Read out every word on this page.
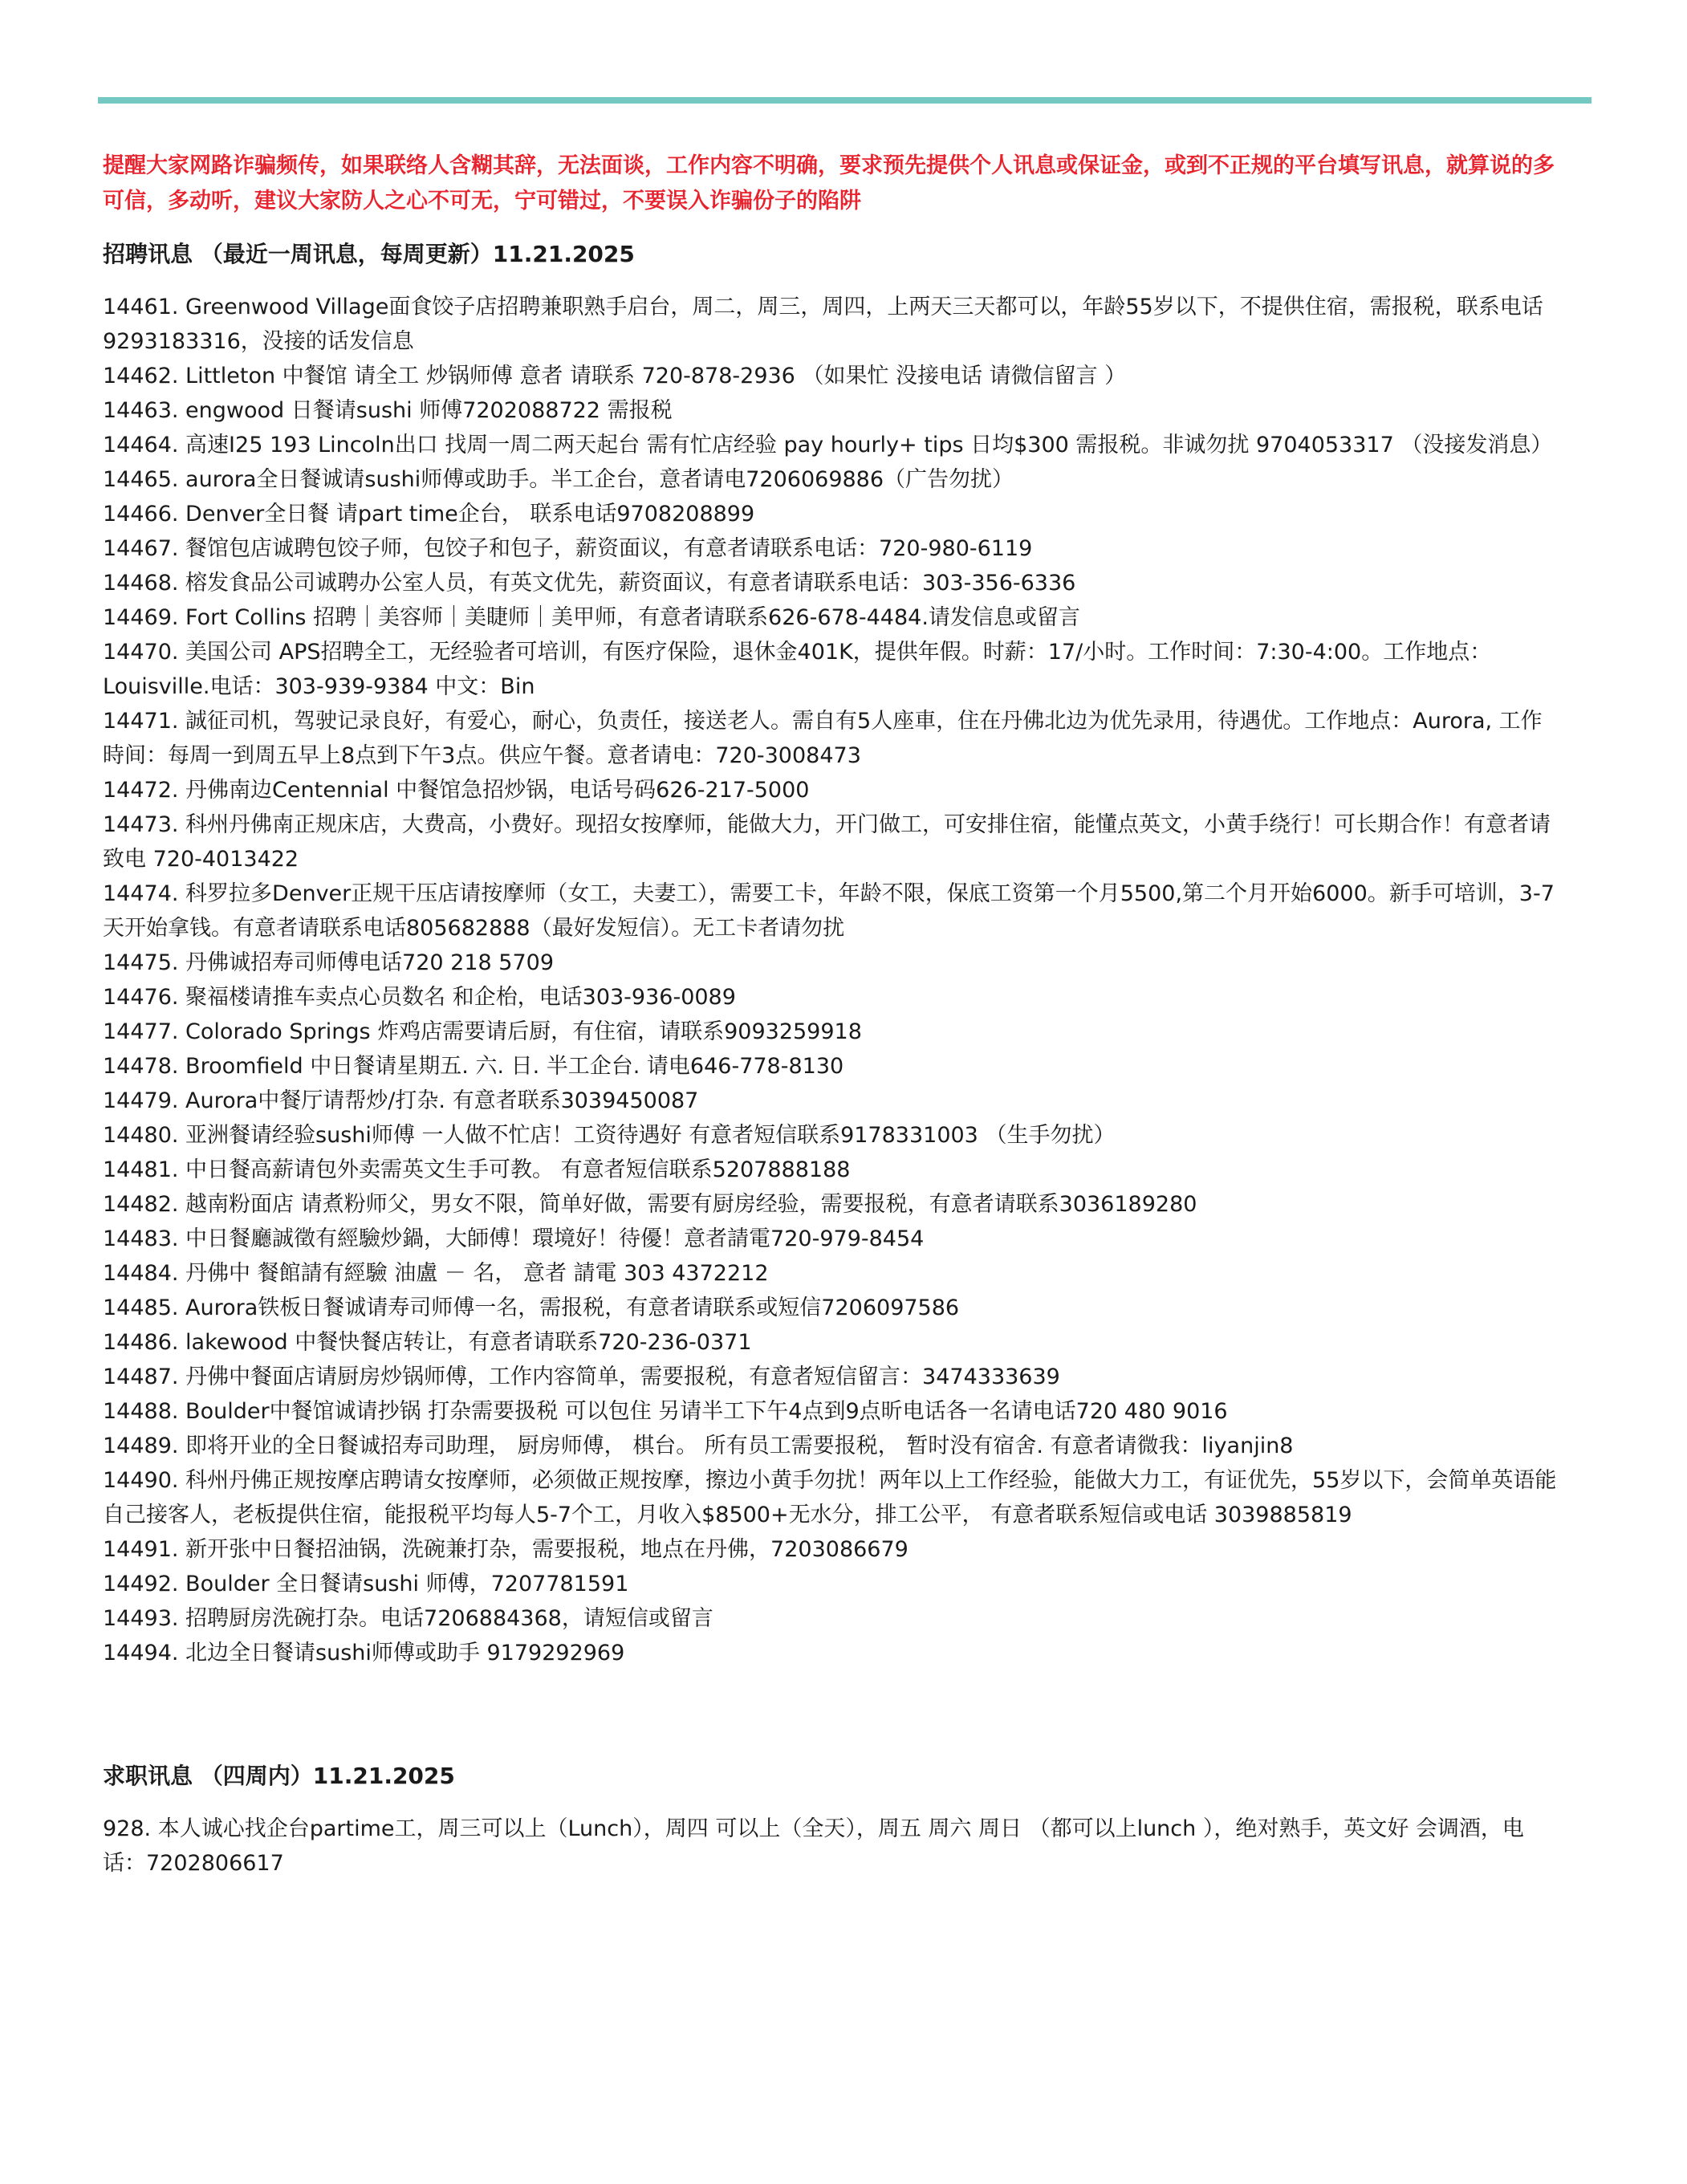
提醒大家网路诈骗频传，如果联络人含糊其辞，无法面谈，工作内容不明确，要求预先提供个人讯息或保证金，或到不正规的平台填写讯息，就算说的多可信，多动听，建议大家防人之心不可无，宁可错过，不要误入诈骗份子的陷阱

招聘讯息 （最近一周讯息，每周更新）11.21.2025
14461. Greenwood Village面食饺子店招聘兼职熟手启台，周二，周三，周四，上两天三天都可以，年龄55岁以下，不提供住宿，需报税，联系电话9293183316，没接的话发信息
14462. Littleton 中餐馆 请全工 炒锅师傅 意者 请联系 720-878-2936 （如果忙 没接电话 请微信留言 ）
14463. engwood 日餐请sushi 师傅7202088722 需报税
14464. 高速I25 193 Lincoln出口 找周一周二两天起台 需有忙店经验 pay hourly+ tips 日均$300 需报税。非诚勿扰 9704053317 （没接发消息）
14465. aurora全日餐诚请sushi师傅或助手。半工企台，意者请电7206069886（广告勿扰）
14466. Denver全日餐 请part time企台， 联系电话9708208899
14467. 餐馆包店诚聘包饺子师，包饺子和包子，薪资面议，有意者请联系电话：720-980-6119
14468. 榕发食品公司诚聘办公室人员，有英文优先，薪资面议，有意者请联系电话：303-356-6336
14469. Fort Collins 招聘｜美容师｜美睫师｜美甲师，有意者请联系626-678-4484.请发信息或留言
14470. 美国公司 APS招聘全工，无经验者可培训，有医疗保险，退休金401K，提供年假。时薪：17/小时。工作时间：7:30-4:00。工作地点：Louisville.电话：303-939-9384 中文：Bin
14471. 誠征司机，驾驶记录良好，有爱心，耐心，负责任，接送老人。需自有5人座車，住在丹佛北边为优先录用，待遇优。工作地点：Aurora, 工作時间：每周一到周五早上8点到下午3点。供应午餐。意者请电：720-3008473
14472. 丹佛南边Centennial 中餐馆急招炒锅，电话号码626-217-5000
14473. 科州丹佛南正规床店，大费高，小费好。现招女按摩师，能做大力，开门做工，可安排住宿，能懂点英文，小黄手绕行！可长期合作！有意者请致电 720-4013422
14474. 科罗拉多Denver正规干压店请按摩师（女工，夫妻工），需要工卡，年龄不限，保底工资第一个月5500,第二个月开始6000。新手可培训，3-7天开始拿钱。有意者请联系电话805682888（最好发短信）。无工卡者请勿扰
14475. 丹佛诚招寿司师傅电话720 218 5709
14476. 聚福楼请推车卖点心员数名 和企枱，电话303-936-0089
14477. Colorado Springs 炸鸡店需要请后厨，有住宿，请联系9093259918
14478. Broomfield 中日餐请星期五. 六. 日. 半工企台. 请电646-778-8130
14479. Aurora中餐厅请帮炒/打杂. 有意者联系3039450087
14480. 亚洲餐请经验sushi师傅 一人做不忙店！工资待遇好 有意者短信联系9178331003 （生手勿扰）
14481. 中日餐高薪请包外卖需英文生手可教。 有意者短信联系5207888188
14482. 越南粉面店 请煮粉师父，男女不限，简单好做，需要有厨房经验，需要报税，有意者请联系3036189280
14483. 中日餐廳誠徵有經驗炒鍋，大師傅！環境好！待優！意者請電720-979-8454
14484. 丹佛中 餐館請有經驗 油盧 － 名， 意者 請電 303 4372212
14485. Aurora铁板日餐诚请寿司师傅一名，需报税，有意者请联系或短信7206097586
14486. lakewood 中餐快餐店转让，有意者请联系720-236-0371
14487. 丹佛中餐面店请厨房炒锅师傅，工作内容简单，需要报税，有意者短信留言：3474333639
14488. Boulder中餐馆诚请抄锅 打杂需要扱税 可以包住 另请半工下午4点到9点昕电话各一名请电话720 480 9016
14489. 即将开业的全日餐诚招寿司助理， 厨房师傅， 棋台。 所有员工需要报税， 暂时没有宿舍. 有意者请微我：liyanjin8
14490. 科州丹佛正规按摩店聘请女按摩师，必须做正规按摩，擦边小黄手勿扰！两年以上工作经验，能做大力工，有证优先，55岁以下，会简单英语能自己接客人，老板提供住宿，能报税平均每人5-7个工，月收入$8500+无水分，排工公平， 有意者联系短信或电话 3039885819
14491. 新开张中日餐招油锅，洗碗兼打杂，需要报税，地点在丹佛，7203086679
14492. Boulder 全日餐请sushi 师傅，7207781591
14493. 招聘厨房洗碗打杂。电话7206884368，请短信或留言
14494. 北边全日餐请sushi师傅或助手 9179292969
求职讯息 （四周内）11.21.2025
928. 本人诚心找企台partime工，周三可以上（Lunch），周四 可以上（全天），周五 周六 周日 （都可以上lunch ），绝对熟手，英文好 会调酒，电话：7202806617
